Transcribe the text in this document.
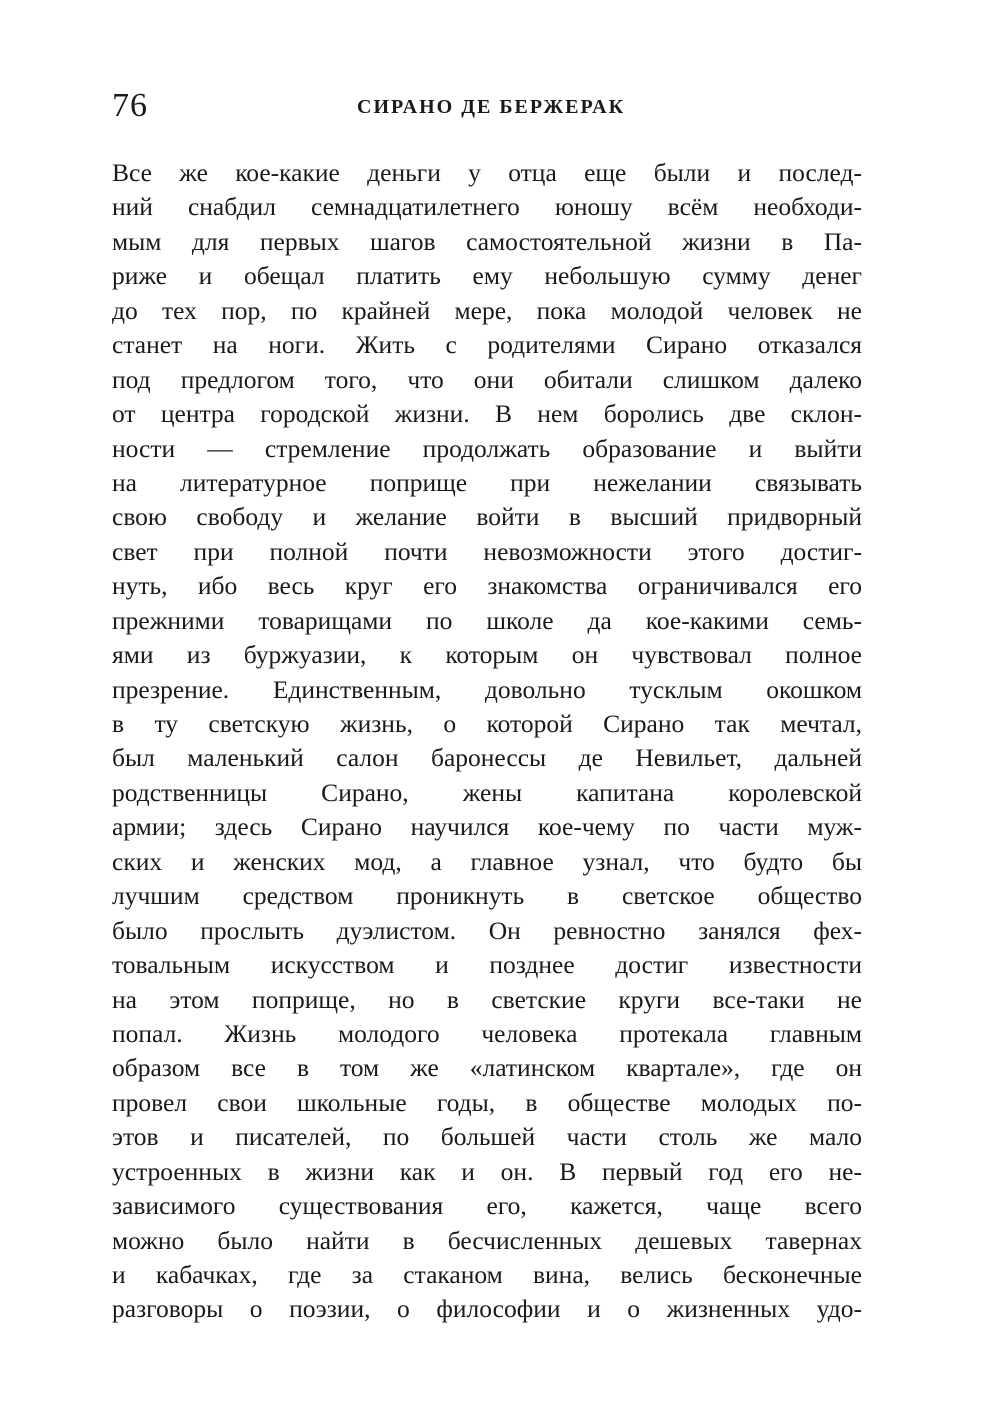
76	СИРАНО ДЕ БЕРЖЕРАК
Все же кое-какие деньги у отца еще были и послед-
ний снабдил семнадцатилетнего юношу всём необходи-
мым для первых шагов самостоятельной жизни в Па-
риже и обещал платить ему небольшую сумму денег
до тех пор, по крайней мере, пока молодой человек не
станет на ноги. Жить с родителями Сирано отказался
под предлогом того, что они обитали слишком далеко
от центра городской жизни. В нем боролись две склон-
ности — стремление продолжать образование и выйти
на литературное поприще при нежелании связывать
свою свободу и желание войти в высший придворный
свет при полной почти невозможности этого достиг-
нуть, ибо весь круг его знакомства ограничивался его
прежними товарищами по школе да кое-какими семь-
ями из буржуазии, к которым он чувствовал полное
презрение. Единственным, довольно тусклым окошком
в ту светскую жизнь, о которой Сирано так мечтал,
был маленький салон баронессы де Невильет, дальней
родственницы Сирано, жены капитана королевской
армии; здесь Сирано научился кое-чему по части муж-
ских и женских мод, а главное узнал, что будто бы
лучшим средством проникнуть в светское общество
было прослыть дуэлистом. Он ревностно занялся фех-
товальным искусством и позднее достиг известности
на этом поприще, но в светские круги все-таки не
попал. Жизнь молодого человека протекала главным
образом все в том же «латинском квартале», где он
провел свои школьные годы, в обществе молодых по-
этов и писателей, по большей части столь же мало
устроенных в жизни как и он. В первый год его не-
зависимого существования его, кажется, чаще всего
можно было найти в бесчисленных дешевых тавернах
и кабачках, где за стаканом вина, велись бесконечные
разговоры о поэзии, о философии и о жизненных удо-
